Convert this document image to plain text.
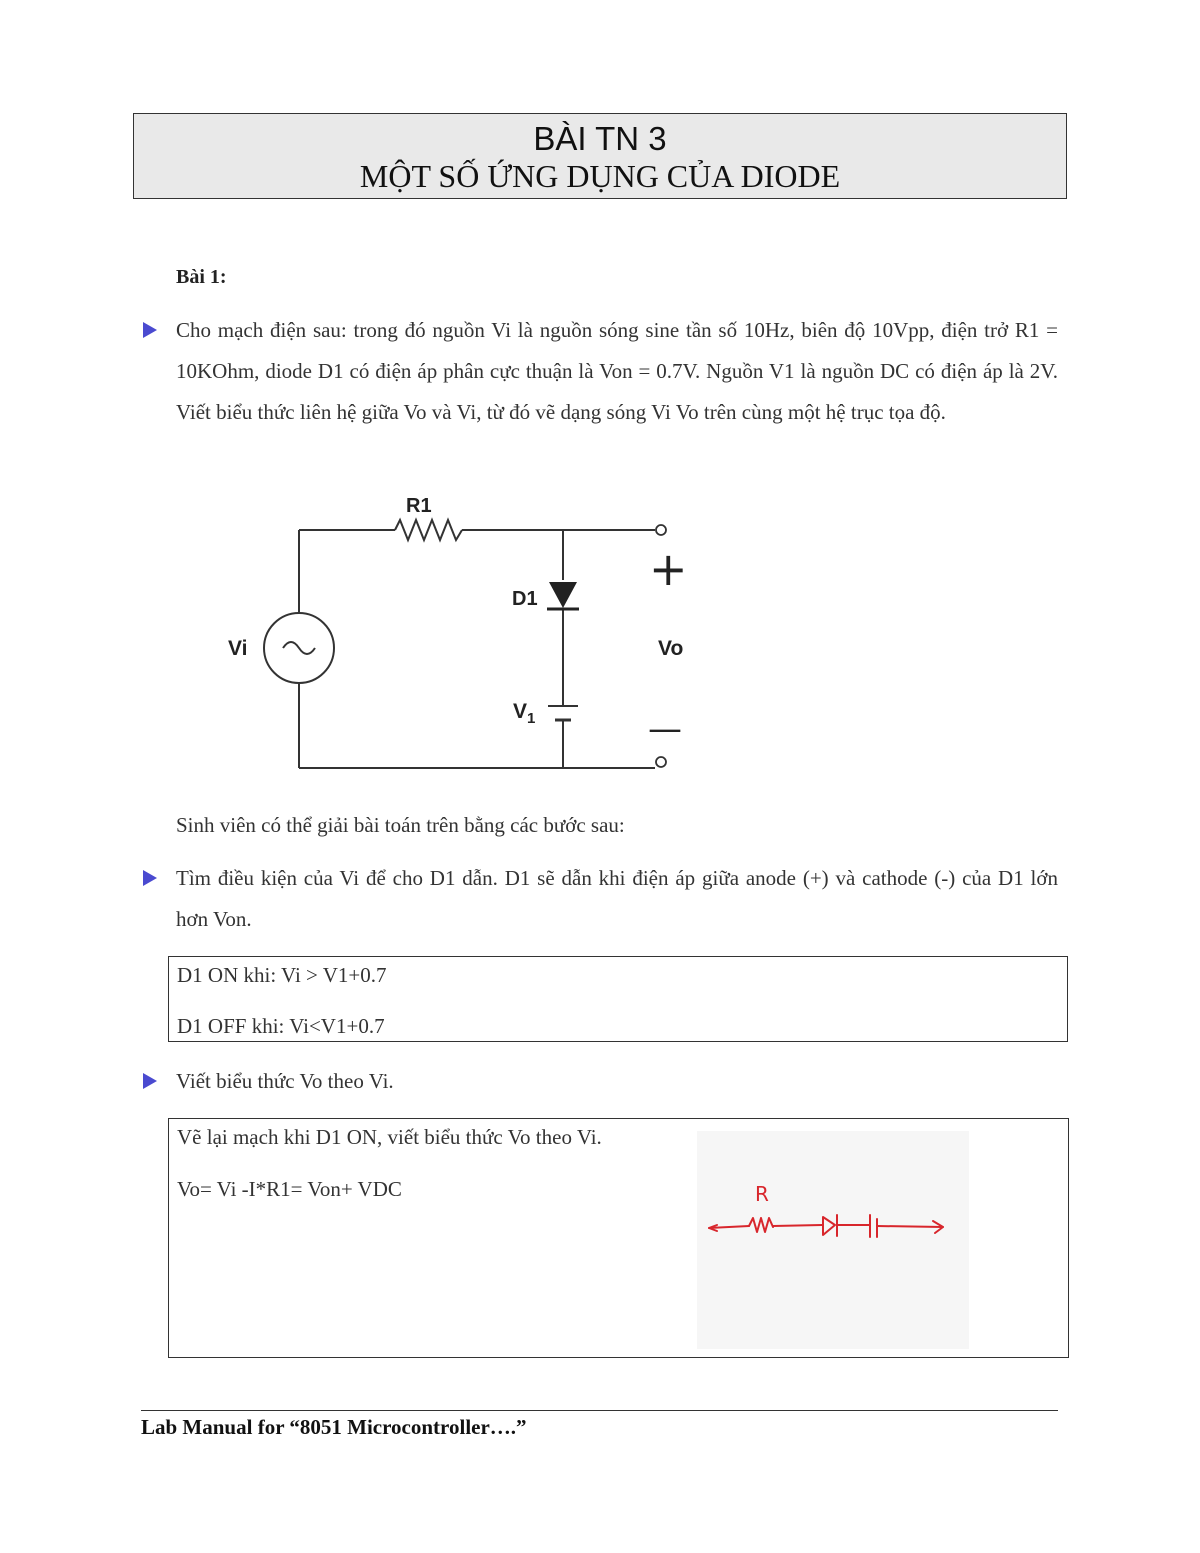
BÀI TN 3
MỘT SỐ ỨNG DỤNG CỦA DIODE
Bài 1:
Cho mạch điện sau: trong đó nguồn Vi là nguồn sóng sine tần số 10Hz, biên độ 10Vpp, điện trở R1 = 10KOhm, diode D1 có điện áp phân cực thuận là Von = 0.7V. Nguồn V1 là nguồn DC có điện áp là 2V. Viết biểu thức liên hệ giữa Vo và Vi, từ đó vẽ dạng sóng Vi Vo trên cùng một hệ trục tọa độ.
R1
D1
Vi	Vo
$V_1$
+
—
Sinh viên có thể giải bài toán trên bằng các bước sau:
Tìm điều kiện của Vi để cho D1 dẫn. D1 sẽ dẫn khi điện áp giữa anode (+) và cathode (-) của D1 lớn hơn Von.
D1 ON khi: Vi > V1+0.7
D1 OFF khi: Vi<V1+0.7
Viết biểu thức Vo theo Vi.
Vẽ lại mạch khi D1 ON, viết biểu thức Vo theo Vi.
Vo= Vi -I*R1= Von+ VDC	R
Lab Manual for “8051 Microcontroller….”
